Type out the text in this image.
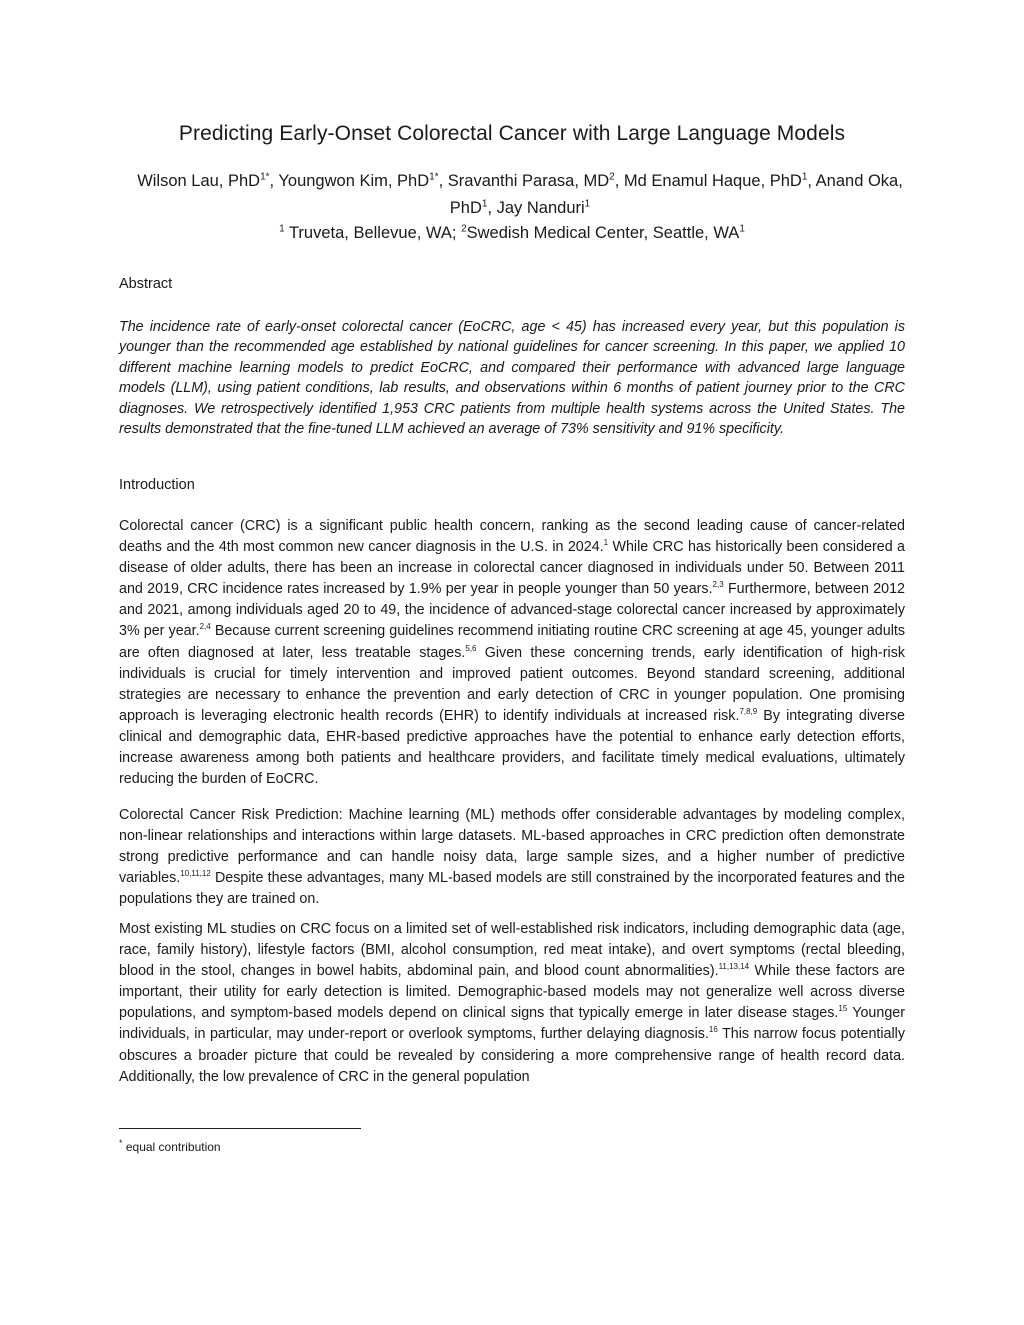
Predicting Early-Onset Colorectal Cancer with Large Language Models
Wilson Lau, PhD$^{1*}$, Youngwon Kim, PhD$^{1*}$, Sravanthi Parasa, $MD^2$, Md Enamul Haque, PhD$^1$, Anand Oka, PhD$^1$, Jay Nanduri$^1$
$^1$ Truveta, Bellevue, WA; $^2$Swedish Medical Center, Seattle, $WA^1$
Abstract
The incidence rate of early-onset colorectal cancer (EoCRC, age < 45) has increased every year, but this population is younger than the recommended age established by national guidelines for cancer screening. In this paper, we applied 10 different machine learning models to predict EoCRC, and compared their performance with advanced large language models (LLM), using patient conditions, lab results, and observations within 6 months of patient journey prior to the CRC diagnoses. We retrospectively identified 1,953 CRC patients from multiple health systems across the United States. The results demonstrated that the fine-tuned LLM achieved an average of 73% sensitivity and 91% specificity.
Introduction
Colorectal cancer (CRC) is a significant public health concern, ranking as the second leading cause of cancer-related deaths and the 4th most common new cancer diagnosis in the U.S. in 2024.$^1$ While CRC has historically been considered a disease of older adults, there has been an increase in colorectal cancer diagnosed in individuals under 50. Between 2011 and 2019, CRC incidence rates increased by 1.9% per year in people younger than 50 years.$^{2,3}$ Furthermore, between 2012 and 2021, among individuals aged 20 to 49, the incidence of advanced-stage colorectal cancer increased by approximately 3% per year.$^{2,4}$ Because current screening guidelines recommend initiating routine CRC screening at age 45, younger adults are often diagnosed at later, less treatable stages.$^{5,6}$ Given these concerning trends, early identification of high-risk individuals is crucial for timely intervention and improved patient outcomes. Beyond standard screening, additional strategies are necessary to enhance the prevention and early detection of CRC in younger population. One promising approach is leveraging electronic health records (EHR) to identify individuals at increased risk.$^{7,8,9}$ By integrating diverse clinical and demographic data, EHR-based predictive approaches have the potential to enhance early detection efforts, increase awareness among both patients and healthcare providers, and facilitate timely medical evaluations, ultimately reducing the burden of EoCRC.
Colorectal Cancer Risk Prediction: Machine learning (ML) methods offer considerable advantages by modeling complex, non-linear relationships and interactions within large datasets. ML-based approaches in CRC prediction often demonstrate strong predictive performance and can handle noisy data, large sample sizes, and a higher number of predictive variables.$^{10,11,12}$ Despite these advantages, many ML-based models are still constrained by the incorporated features and the populations they are trained on.
Most existing ML studies on CRC focus on a limited set of well-established risk indicators, including demographic data (age, race, family history), lifestyle factors (BMI, alcohol consumption, red meat intake), and overt symptoms (rectal bleeding, blood in the stool, changes in bowel habits, abdominal pain, and blood count abnormalities).$^{11,13,14}$ While these factors are important, their utility for early detection is limited. Demographic-based models may not generalize well across diverse populations, and symptom-based models depend on clinical signs that typically emerge in later disease stages.$^{15}$ Younger individuals, in particular, may under-report or overlook symptoms, further delaying diagnosis.$^{16}$ This narrow focus potentially obscures a broader picture that could be revealed by considering a more comprehensive range of health record data. Additionally, the low prevalence of CRC in the general population
* equal contribution
